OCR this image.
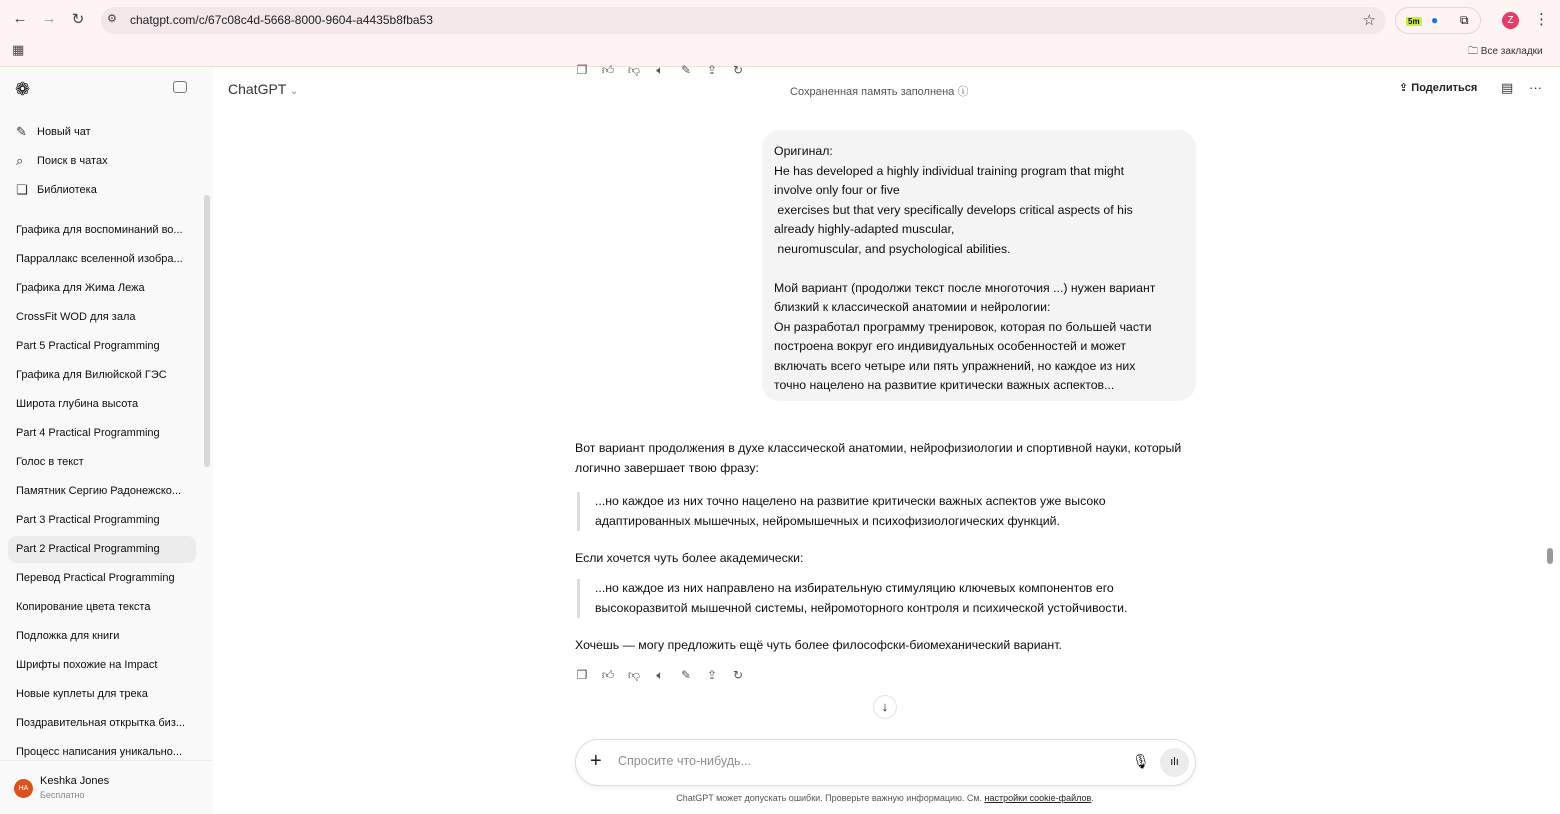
← → ↻	⚙ chatgpt.com/c/67c08c4d-5668-8000-9604-a4435b8fba53	☆	5m ● ⧉	Z	⋮
▦	🗀 Все закладки
❁
✎ Новый чат
⌕	Поиск в чатах
❏ Библиотека
Графика для воспоминаний во...
Парраллакс вселенной изобра...
Графика для Жима Лежа
CrossFit WOD для зала
Part 5 Practical Programming
Графика для Вилюйской ГЭС
Широта глубина высота
Part 4 Practical Programming
Голос в текст
Памятник Сергию Радонежско...
Part 3 Practical Programming
Part 2 Practical Programming
Перевод Practical Programming
Копирование цвета текста
Подложка для книги
Шрифты похожие на Impact
Новые куплеты для трека
Поздравительная открытка биз...
Процесс написания уникально...
HA
Keshka Jones
Бесплатно
ChatGPT ⌄
❐ 👍︎ 👎︎ 🔈︎ ✎ ⇪ ↻
Сохраненная память заполнена ⓘ	⇪ Поделиться ▤ ···
Оригинал:
He has developed a highly individual training program that might
involve only four or five
exercises but that very specifically develops critical aspects of his
already highly-adapted muscular,
neuromuscular, and psychological abilities.

Мой вариант (продолжи текст после многоточия ...) нужен вариант
близкий к классической анатомии и нейрологии:
Он разработал программу тренировок, которая по большей части
построена вокруг его индивидуальных особенностей и может
включать всего четыре или пять упражнений, но каждое из них
точно нацелено на развитие критически важных аспектов...
Вот вариант продолжения в духе классической анатомии, нейрофизиологии и спортивной науки, который логично завершает твою фразу:
...но каждое из них точно нацелено на развитие критически важных аспектов уже высоко адаптированных мышечных, нейромышечных и психофизиологических функций.
Если хочется чуть более академически:
...но каждое из них направлено на избирательную стимуляцию ключевых компонентов его высокоразвитой мышечной системы, нейромоторного контроля и психической устойчивости.
Хочешь — могу предложить ещё чуть более философски-биомеханический вариант.
❐ 👍︎ 👎︎ 🔈︎ ✎ ⇪ ↻
↓
+
Спросите что-нибудь...	🎙︎	ılı
ChatGPT может допускать ошибки. Проверьте важную информацию. См. настройки cookie-файлов.
